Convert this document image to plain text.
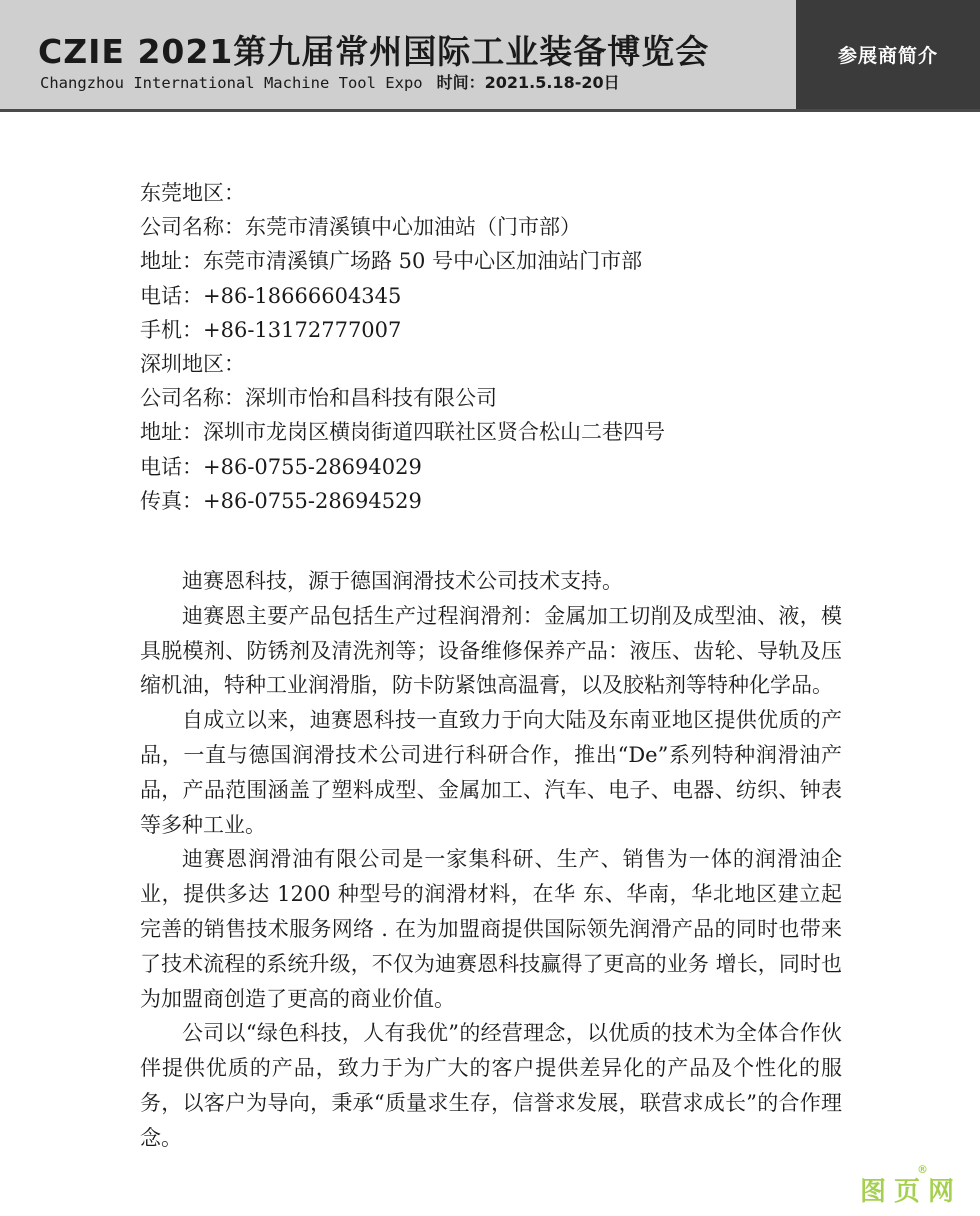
CZIE 2021第九届常州国际工业装备博览会
Changzhou International Machine Tool Expo 时间：2021.5.18-20日
参展商简介
东莞地区：
公司名称：东莞市清溪镇中心加油站（门市部）
地址：东莞市清溪镇广场路 50 号中心区加油站门市部
电话：+86-18666604345
手机：+86-13172777007
深圳地区：
公司名称：深圳市怡和昌科技有限公司
地址：深圳市龙岗区横岗街道四联社区贤合松山二巷四号
电话：+86-0755-28694029
传真：+86-0755-28694529

迪赛恩科技，源于德国润滑技术公司技术支持。

迪赛恩主要产品包括生产过程润滑剂：金属加工切削及成型油、液，模具脱模剂、防锈剂及清洗剂等；设备维修保养产品：液压、齿轮、导轨及压缩机油，特种工业润滑脂，防卡防紧蚀高温膏，以及胶粘剂等特种化学品。

自成立以来，迪赛恩科技一直致力于向大陆及东南亚地区提供优质的产品，一直与德国润滑技术公司进行科研合作，推出“De”系列特种润滑油产品，产品范围涵盖了塑料成型、金属加工、汽车、电子、电器、纺织、钟表等多种工业。

迪赛恩润滑油有限公司是一家集科研、生产、销售为一体的润滑油企业，提供多达 1200 种型号的润滑材料，在华 东、华南，华北地区建立起完善的销售技术服务网络 . 在为加盟商提供国际领先润滑产品的同时也带来了技术流程的系统升级，不仅为迪赛恩科技赢得了更高的业务 增长，同时也为加盟商创造了更高的商业价值。

公司以“绿色科技，人有我优”的经营理念，以优质的技术为全体合作伙伴提供优质的产品，致力于为广大的客户提供差异化的产品及个性化的服务，以客户为导向，秉承“质量求生存，信誉求发展，联营求成长”的合作理念。

图页网
®
